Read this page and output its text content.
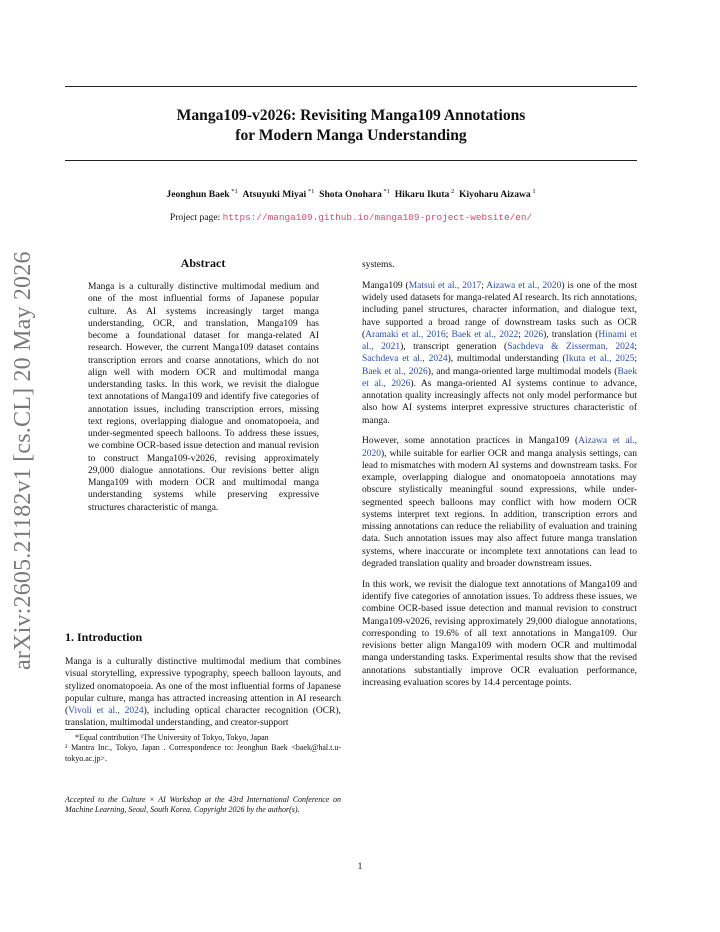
Manga109-v2026: Revisiting Manga109 Annotations
for Modern Manga Understanding
Jeonghun Baek $^{*1}$  Atsuyuki Miyai $^{*1}$  Shota Onohara $^{*1}$  Hikaru Ikuta $^2$  Kiyoharu Aizawa $^1$
Project page: https://manga109.github.io/manga109-project-website/en/
arXiv:2605.21182v1 [cs.CL] 20 May 2026	Abstract

Manga is a culturally distinctive multimodal medium and one of the most influential forms of Japanese popular culture. As AI systems increasingly target manga understanding, OCR, and translation, Manga109 has become a foundational dataset for manga-related AI research. However, the current Manga109 dataset contains transcription errors and coarse annotations, which do not align well with modern OCR and multimodal manga understanding tasks. In this work, we revisit the dialogue text annotations of Manga109 and identify five categories of annotation issues, including transcription errors, missing text regions, overlapping dialogue and onomatopoeia, and under-segmented speech balloons. To address these issues, we combine OCR-based issue detection and manual revision to construct Manga109-v2026, revising approximately 29,000 dialogue annotations. Our revisions better align Manga109 with modern OCR and multimodal manga understanding systems while preserving expressive structures characteristic of manga.

1. Introduction

Manga is a culturally distinctive multimodal medium that combines visual storytelling, expressive typography, speech balloon layouts, and stylized onomatopoeia. As one of the most influential forms of Japanese popular culture, manga has attracted increasing attention in AI research (Vivoli et al., 2024), including optical character recognition (OCR), translation, multimodal understanding, and creator-support

*Equal contribution ¹The University of Tokyo, Tokyo, Japan

² Mantra Inc., Tokyo, Japan . Correspondence to: Jeonghun Baek <baek@hal.t.u-tokyo.ac.jp>.

Accepted to the Culture × AI Workshop at the 43rd International Conference on Machine Learning, Seoul, South Korea. Copyright 2026 by the author(s).

systems.

Manga109 (Matsui et al., 2017; Aizawa et al., 2020) is one of the most widely used datasets for manga-related AI research. Its rich annotations, including panel structures, character information, and dialogue text, have supported a broad range of downstream tasks such as OCR (Aramaki et al., 2016; Baek et al., 2022; 2026), translation (Hinami et al., 2021), transcript generation (Sachdeva & Zisserman, 2024; Sachdeva et al., 2024), multimodal understanding (Ikuta et al., 2025; Baek et al., 2026), and manga-oriented large multimodal models (Baek et al., 2026). As manga-oriented AI systems continue to advance, annotation quality increasingly affects not only model performance but also how AI systems interpret expressive structures characteristic of manga.

However, some annotation practices in Manga109 (Aizawa et al., 2020), while suitable for earlier OCR and manga analysis settings, can lead to mismatches with modern AI systems and downstream tasks. For example, overlapping dialogue and onomatopoeia annotations may obscure stylistically meaningful sound expressions, while under-segmented speech balloons may conflict with how modern OCR systems interpret text regions. In addition, transcription errors and missing annotations can reduce the reliability of evaluation and training data. Such annotation issues may also affect future manga translation systems, where inaccurate or incomplete text annotations can lead to degraded translation quality and broader downstream issues.

In this work, we revisit the dialogue text annotations of Manga109 and identify five categories of annotation issues. To address these issues, we combine OCR-based issue detection and manual revision to construct Manga109-v2026, revising approximately 29,000 dialogue annotations, corresponding to 19.6% of all text annotations in Manga109. Our revisions better align Manga109 with modern OCR and multimodal manga understanding tasks. Experimental results show that the revised annotations substantially improve OCR evaluation performance, increasing evaluation scores by 14.4 percentage points.

1
